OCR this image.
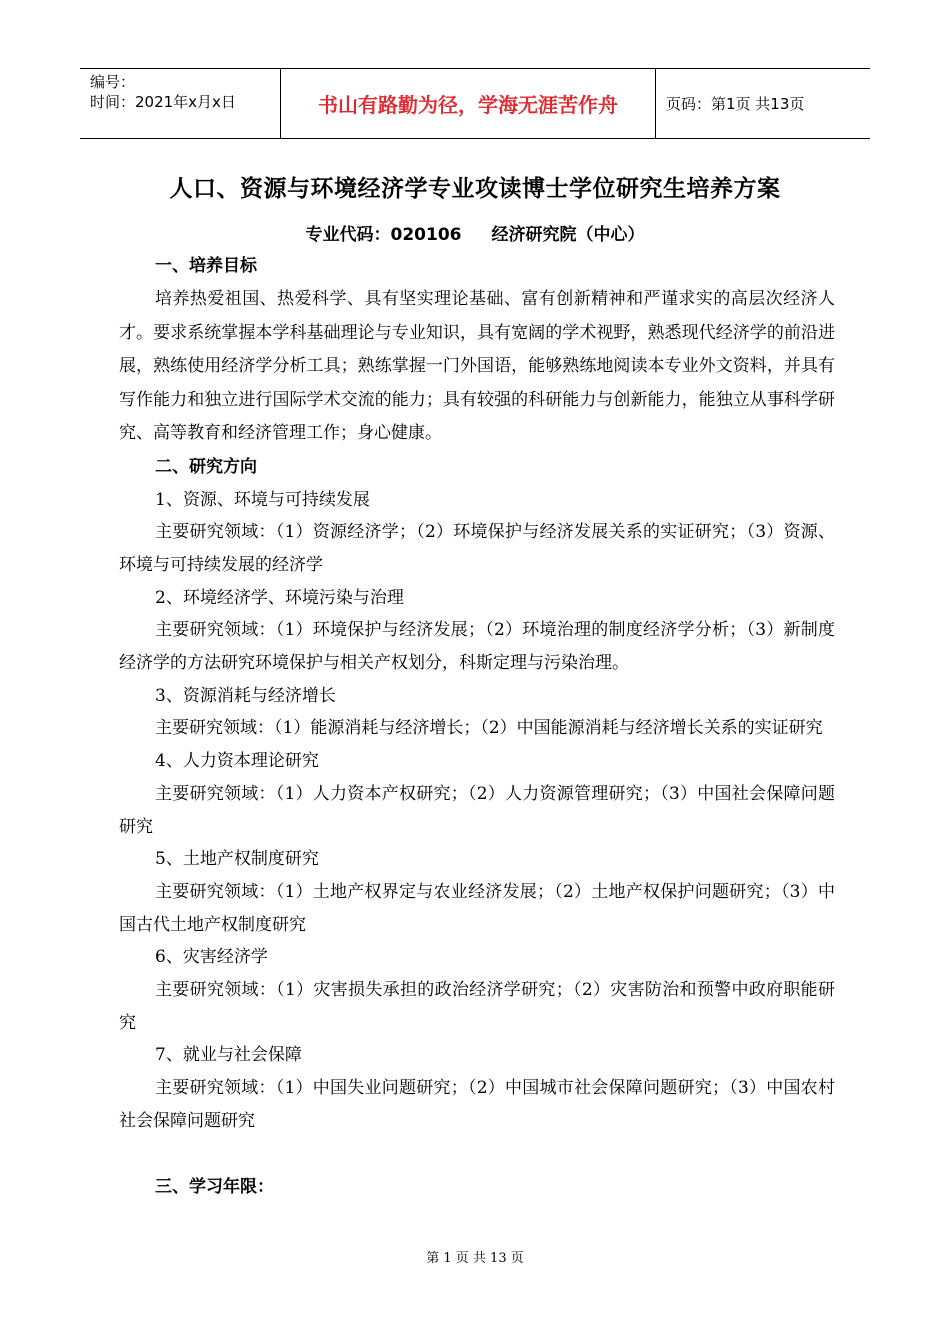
编号：
时间：2021年x月x日	书山有路勤为径，学海无涯苦作舟	页码：第1页 共13页
人口、资源与环境经济学专业攻读博士学位研究生培养方案
专业代码：020106 经济研究院（中心）
一、培养目标
培养热爱祖国、热爱科学、具有坚实理论基础、富有创新精神和严谨求实的高层次经济人才。要求系统掌握本学科基础理论与专业知识，具有宽阔的学术视野，熟悉现代经济学的前沿进展，熟练使用经济学分析工具；熟练掌握一门外国语，能够熟练地阅读本专业外文资料，并具有写作能力和独立进行国际学术交流的能力；具有较强的科研能力与创新能力，能独立从事科学研究、高等教育和经济管理工作；身心健康。
二、研究方向
1、资源、环境与可持续发展
主要研究领域：（1）资源经济学；（2）环境保护与经济发展关系的实证研究；（3）资源、环境与可持续发展的经济学
2、环境经济学、环境污染与治理
主要研究领域：（1）环境保护与经济发展；（2）环境治理的制度经济学分析；（3）新制度经济学的方法研究环境保护与相关产权划分，科斯定理与污染治理。
3、资源消耗与经济增长
主要研究领域：（1）能源消耗与经济增长；（2）中国能源消耗与经济增长关系的实证研究
4、人力资本理论研究
主要研究领域：（1）人力资本产权研究；（2）人力资源管理研究；（3）中国社会保障问题研究
5、土地产权制度研究
主要研究领域：（1）土地产权界定与农业经济发展；（2）土地产权保护问题研究；（3）中国古代土地产权制度研究
6、灾害经济学
主要研究领域：（1）灾害损失承担的政治经济学研究；（2）灾害防治和预警中政府职能研究
7、就业与社会保障
主要研究领域：（1）中国失业问题研究；（2）中国城市社会保障问题研究；（3）中国农村社会保障问题研究
三、学习年限：
第 1 页 共 13 页
